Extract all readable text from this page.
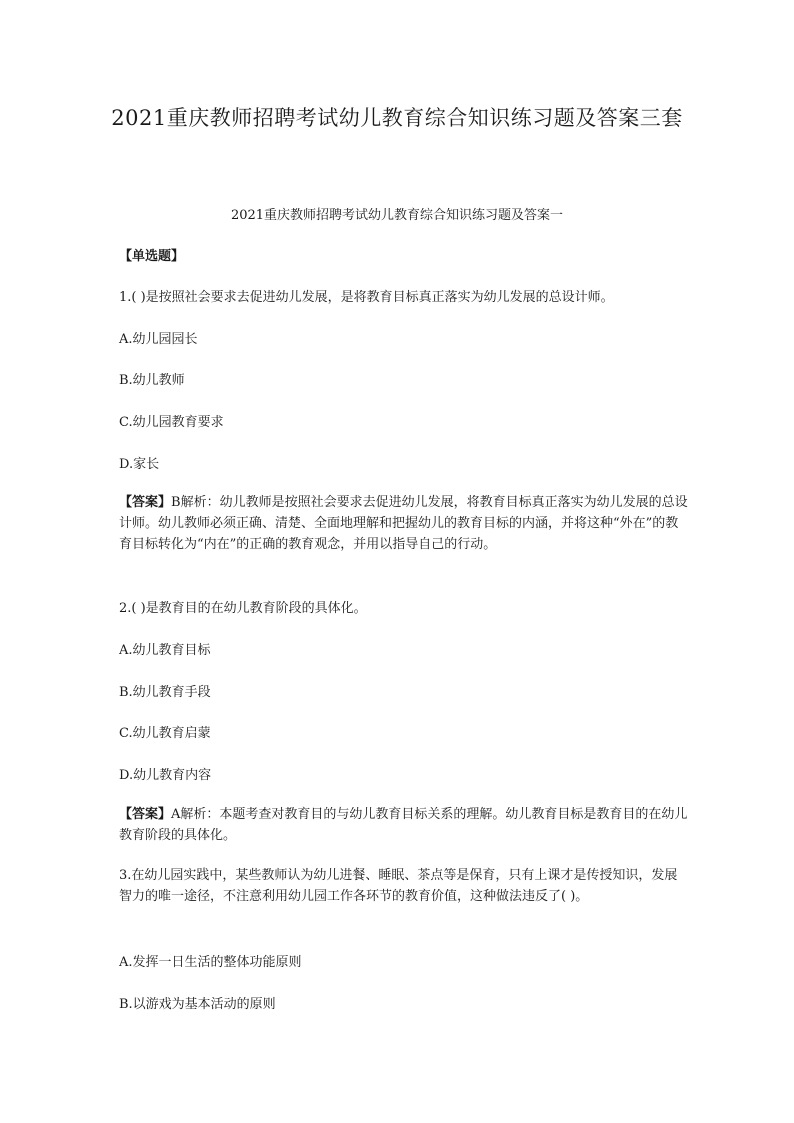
2021重庆教师招聘考试幼儿教育综合知识练习题及答案三套
2021重庆教师招聘考试幼儿教育综合知识练习题及答案一
【单选题】
1.( )是按照社会要求去促进幼儿发展，是将教育目标真正落实为幼儿发展的总设计师。
A.幼儿园园长
B.幼儿教师
C.幼儿园教育要求
D.家长
【答案】B解析：幼儿教师是按照社会要求去促进幼儿发展，将教育目标真正落实为幼儿发展的总设计师。幼儿教师必须正确、清楚、全面地理解和把握幼儿的教育目标的内涵，并将这种“外在”的教育目标转化为“内在”的正确的教育观念，并用以指导自己的行动。
2.( )是教育目的在幼儿教育阶段的具体化。
A.幼儿教育目标
B.幼儿教育手段
C.幼儿教育启蒙
D.幼儿教育内容
【答案】A解析：本题考查对教育目的与幼儿教育目标关系的理解。幼儿教育目标是教育目的在幼儿教育阶段的具体化。
3.在幼儿园实践中，某些教师认为幼儿进餐、睡眠、茶点等是保育，只有上课才是传授知识，发展智力的唯一途径，不注意利用幼儿园工作各环节的教育价值，这种做法违反了( )。
A.发挥一日生活的整体功能原则
B.以游戏为基本活动的原则
